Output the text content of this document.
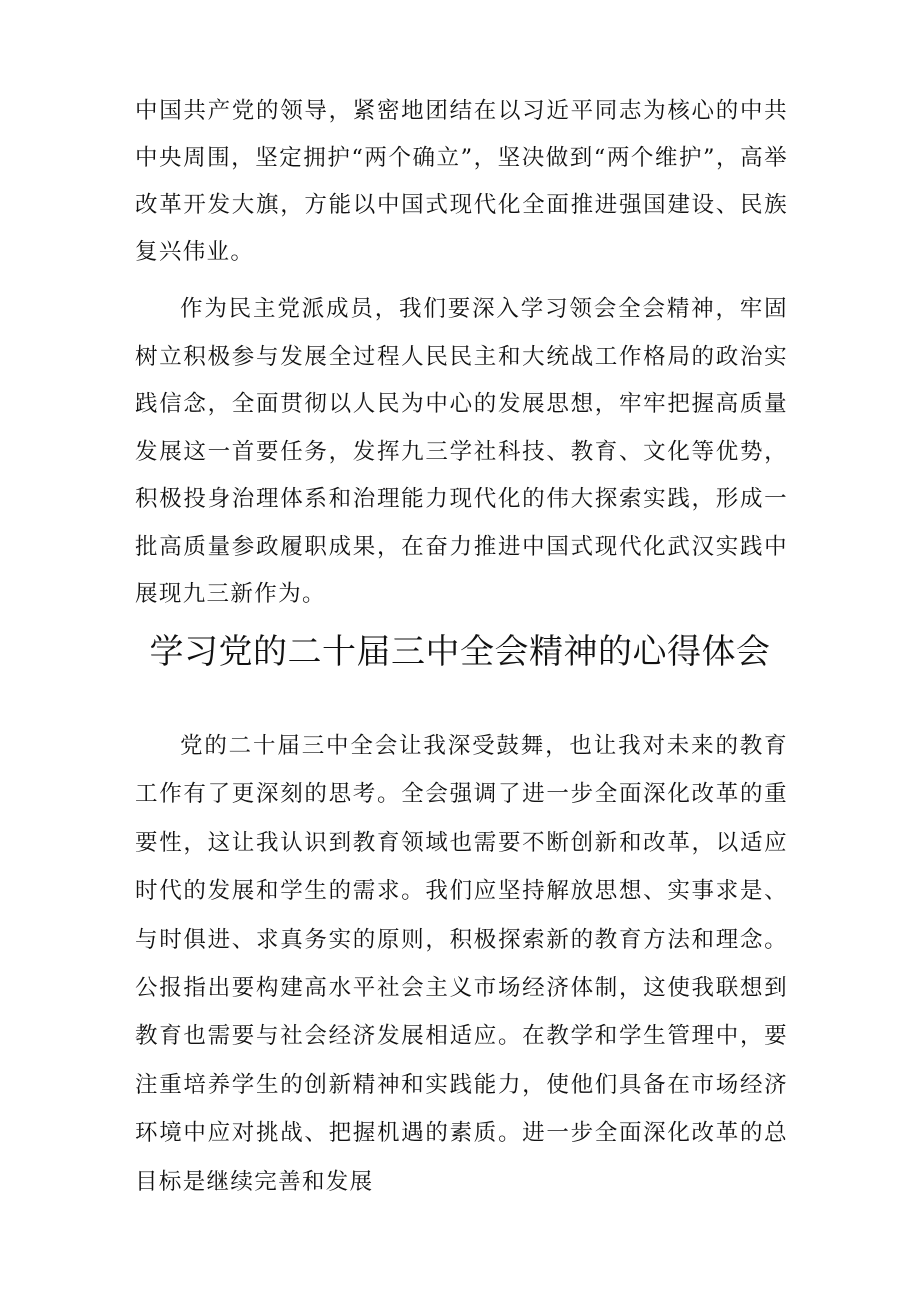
中国共产党的领导，紧密地团结在以习近平同志为核心的中共中央周围，坚定拥护“两个确立”，坚决做到“两个维护”，高举改革开发大旗，方能以中国式现代化全面推进强国建设、民族复兴伟业。

作为民主党派成员，我们要深入学习领会全会精神，牢固树立积极参与发展全过程人民民主和大统战工作格局的政治实践信念，全面贯彻以人民为中心的发展思想，牢牢把握高质量发展这一首要任务，发挥九三学社科技、教育、文化等优势，积极投身治理体系和治理能力现代化的伟大探索实践，形成一批高质量参政履职成果，在奋力推进中国式现代化武汉实践中展现九三新作为。

学习党的二十届三中全会精神的心得体会

党的二十届三中全会让我深受鼓舞，也让我对未来的教育工作有了更深刻的思考。全会强调了进一步全面深化改革的重要性，这让我认识到教育领域也需要不断创新和改革，以适应时代的发展和学生的需求。我们应坚持解放思想、实事求是、与时俱进、求真务实的原则，积极探索新的教育方法和理念。公报指出要构建高水平社会主义市场经济体制，这使我联想到教育也需要与社会经济发展相适应。在教学和学生管理中，要注重培养学生的创新精神和实践能力，使他们具备在市场经济环境中应对挑战、把握机遇的素质。进一步全面深化改革的总目标是继续完善和发展
